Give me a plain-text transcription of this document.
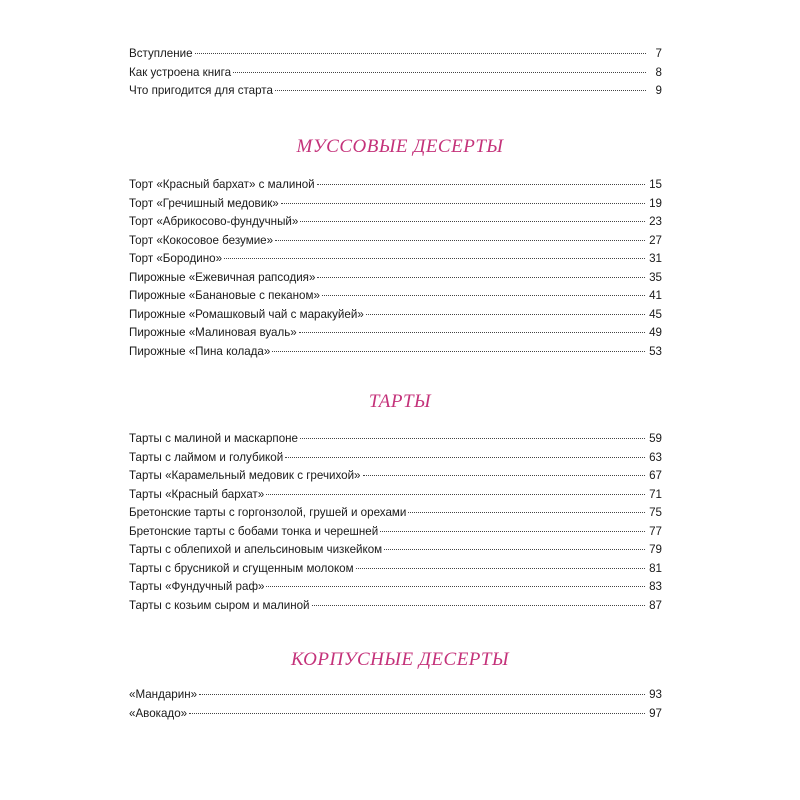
Вступление	7
Как устроена книга	8
Что пригодится для старта	9
МУССОВЫЕ ДЕСЕРТЫ
Торт «Красный бархат» с малиной	15
Торт «Гречишный медовик»	19
Торт «Абрикосово-фундучный»	23
Торт «Кокосовое безумие»	27
Торт «Бородино»	31
Пирожные «Ежевичная рапсодия»	35
Пирожные «Банановые с пеканом»	41
Пирожные «Ромашковый чай с маракуйей»	45
Пирожные «Малиновая вуаль»	49
Пирожные «Пина колада»	53
ТАРТЫ
Тарты с малиной и маскарпоне	59
Тарты с лаймом и голубикой	63
Тарты «Карамельный медовик с гречихой»	67
Тарты «Красный бархат»	71
Бретонские тарты с горгонзолой, грушей и орехами	75
Бретонские тарты с бобами тонка и черешней	77
Тарты с облепихой и апельсиновым чизкейком	79
Тарты с брусникой и сгущенным молоком	81
Тарты «Фундучный раф»	83
Тарты с козьим сыром и малиной	87
КОРПУСНЫЕ ДЕСЕРТЫ
«Мандарин»	93
«Авокадо»	97
